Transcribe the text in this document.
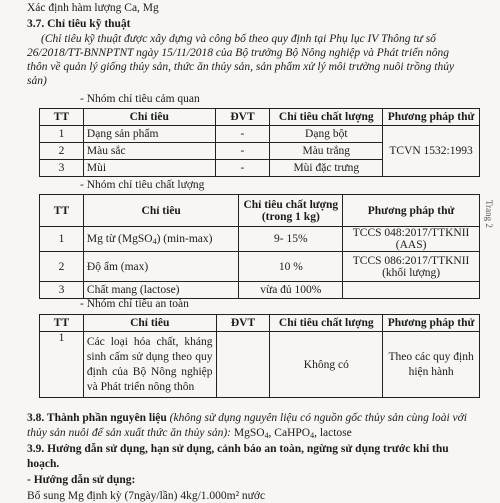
Xác định hàm lượng Ca, Mg
3.7. Chỉ tiêu kỹ thuật
(Chỉ tiêu kỹ thuật được xây dựng và công bố theo quy định tại Phụ lục IV Thông tư số
26/2018/TT-BNNPTNT ngày 15/11/2018 của Bộ trưởng Bộ Nông nghiệp và Phát triển nông
thôn về quản lý giống thủy sản, thức ăn thủy sản, sản phẩm xử lý môi trường nuôi trồng thủy
sản)
- Nhóm chỉ tiêu cảm quan
TT	Chỉ tiêu	ĐVT	Chỉ tiêu chất lượng	Phương pháp thử
1	Dạng sản phẩm	-	Dạng bột	TCVN 1532:1993
2	Màu sắc	-	Màu trắng	
3	Mùi	-	Mùi đặc trưng	
- Nhóm chỉ tiêu chất lượng
TT	Chỉ tiêu	Chỉ tiêu chất lượng (trong 1 kg)	Phương pháp thử
1	Mg từ (MgSO$_4$) (min-max)	9- 15%	TCCS 048:2017/TTKNII (AAS)
2	Độ ẩm (max)	10 %	TCCS 086:2017/TTKNII (khối lượng)
3	Chất mang (lactose)	vừa đủ 100%	
- Nhóm chỉ tiêu an toàn
TT	Chỉ tiêu	ĐVT	Chỉ tiêu chất lượng	Phương pháp thử
1	Các loại hóa chất, kháng sinh cấm sử dụng theo quy định của Bộ Nông nghiệp và Phát triển nông thôn		Không có	Theo các quy định hiện hành
3.8. Thành phần nguyên liệu (không sử dụng nguyên liệu có nguồn gốc thủy sản cùng loài với
thủy sản nuôi để sản xuất thức ăn thủy sản): MgSO$_4$, CaHPO$_4$, lactose
3.9. Hướng dẫn sử dụng, hạn sử dụng, cảnh báo an toàn, ngừng sử dụng trước khi thu
hoạch.
- Hướng dẫn sử dụng:
Bổ sung Mg định kỳ (7ngày/lần) 4kg/1.000m² nước
Trang 2
